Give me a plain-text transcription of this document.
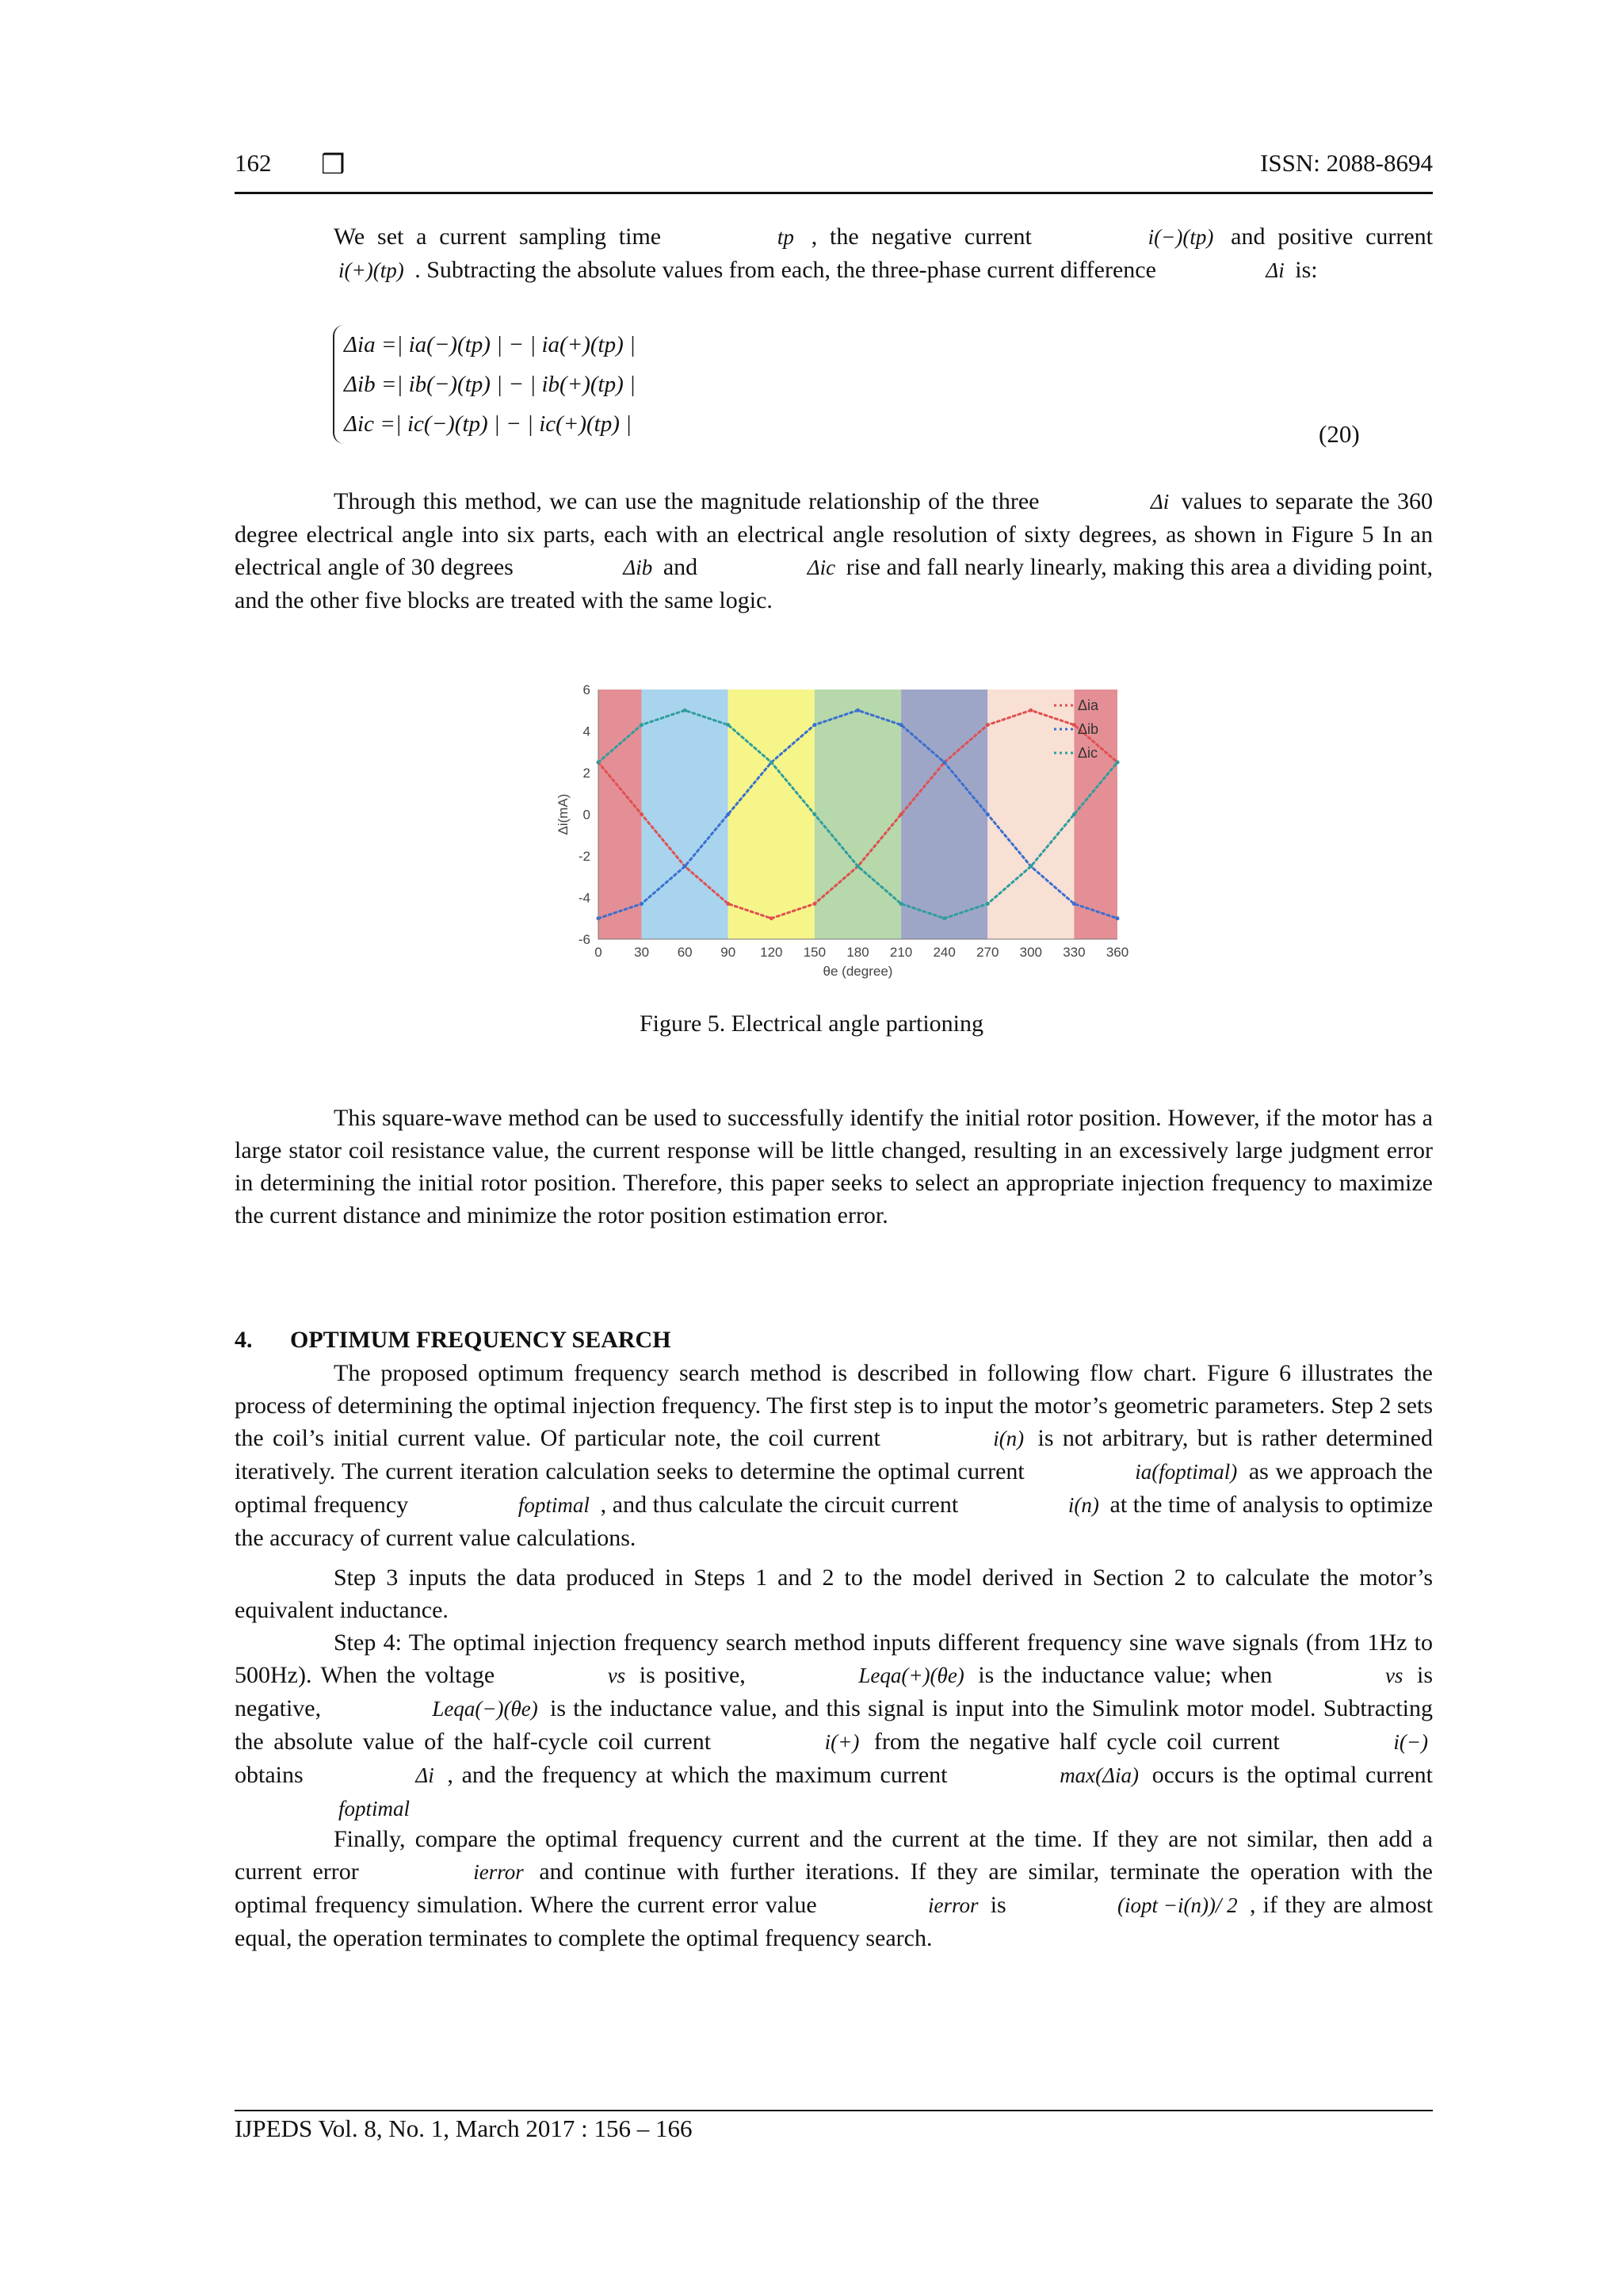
162 ❒	ISSN: 2088-8694
We set a current sampling time	tp , the negative current	i(−)(tp) and positive current i(+)(tp) . Subtracting the absolute values from each, the three-phase current difference	Δi is:
Δia =| ia(−)(tp) | − | ia(+)(tp) |
Δib =| ib(−)(tp) | − | ib(+)(tp) |
Δic =| ic(−)(tp) | − | ic(+)(tp) |	(20)
Through this method, we can use the magnitude relationship of the three	Δi values to separate the 360 degree electrical angle into six parts, each with an electrical angle resolution of sixty degrees, as shown in Figure 5 In an electrical angle of 30 degrees	Δib and	Δic rise and fall nearly linearly, making this area a dividing point, and the other five blocks are treated with the same logic.
0 30 60 90 120 150 180 210 240 270 300 330 360
-6
-4
-2
0
2
4
6
θe (degree)
Δi(mA)
Δia
Δib
Δic
Figure 5. Electrical angle partioning
This square-wave method can be used to successfully identify the initial rotor position. However, if the motor has a large stator coil resistance value, the current response will be little changed, resulting in an excessively large judgment error in determining the initial rotor position. Therefore, this paper seeks to select an appropriate injection frequency to maximize the current distance and minimize the rotor position estimation error.
4. OPTIMUM FREQUENCY SEARCH
The proposed optimum frequency search method is described in following flow chart. Figure 6 illustrates the process of determining the optimal injection frequency. The first step is to input the motor’s geometric parameters. Step 2 sets the coil’s initial current value. Of particular note, the coil current	i(n) is not arbitrary, but is rather determined iteratively. The current iteration calculation seeks to determine the optimal current	ia(foptimal) as we approach the optimal frequency	foptimal , and thus calculate the circuit current	i(n) at the time of analysis to optimize the accuracy of current value calculations.
Step 3 inputs the data produced in Steps 1 and 2 to the model derived in Section 2 to calculate the motor’s equivalent inductance.
Step 4: The optimal injection frequency search method inputs different frequency sine wave signals (from 1Hz to 500Hz). When the voltage	vs is positive,	Leqa(+)(θe) is the inductance value; when	vs is negative,	Leqa(−)(θe) is the inductance value, and this signal is input into the Simulink motor model. Subtracting the absolute value of the half-cycle coil current	i(+) from the negative half cycle coil current	i(−) obtains	Δi , and the frequency at which the maximum current	max(Δia) occurs is the optimal current foptimal
Finally, compare the optimal frequency current and the current at the time. If they are not similar, then add a current error	ierror and continue with further iterations. If they are similar, terminate the operation with the optimal frequency simulation. Where the current error value	ierror is	(iopt −i(n))/ 2 , if they are almost equal, the operation terminates to complete the optimal frequency search.
IJPEDS Vol. 8, No. 1, March 2017 : 156 – 166
